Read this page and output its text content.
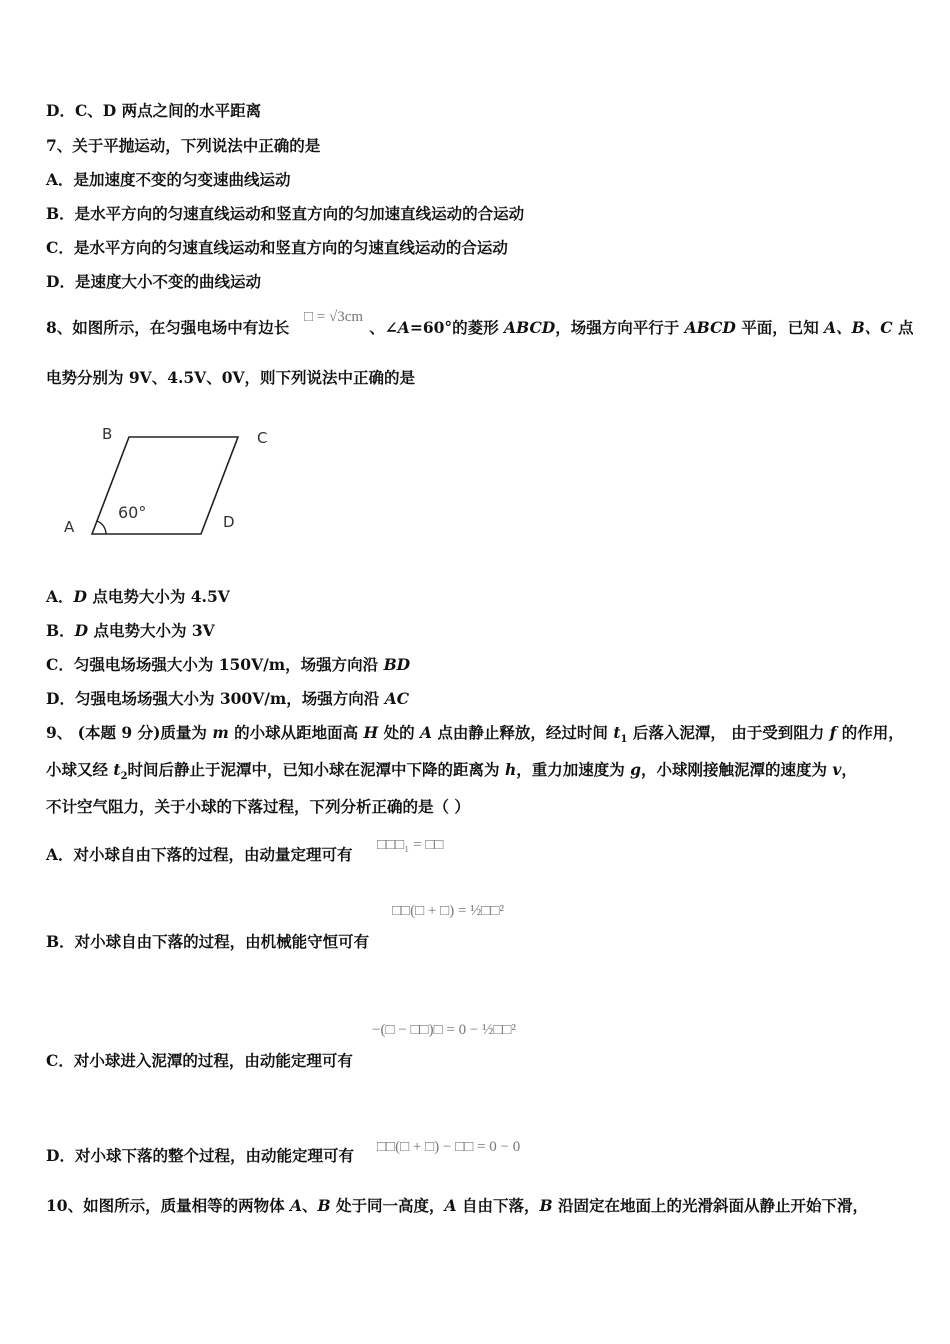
D．C、D 两点之间的水平距离
7、关于平抛运动，下列说法中正确的是
A．是加速度不变的匀变速曲线运动
B．是水平方向的匀速直线运动和竖直方向的匀加速直线运动的合运动
C．是水平方向的匀速直线运动和竖直方向的匀速直线运动的合运动
D．是速度大小不变的曲线运动
8、如图所示，在匀强电场中有边长	、∠A=60°的菱形 ABCD，场强方向平行于 ABCD 平面，已知 A、B、C 点
□ = √3cm
电势分别为 9V、4.5V、0V，则下列说法中正确的是
B	C
A	D
60°
A．D 点电势大小为 4.5V
B．D 点电势大小为 3V
C．匀强电场场强大小为 150V/m，场强方向沿 BD
D．匀强电场场强大小为 300V/m，场强方向沿 AC
9、 (本题 9 分)质量为 m 的小球从距地面高 H 处的 A 点由静止释放，经过时间 $t_1$ 后落入泥潭， 由于受到阻力 f 的作用，
小球又经 $t_2$时间后静止于泥潭中，已知小球在泥潭中下降的距离为 h，重力加速度为 g，小球刚接触泥潭的速度为 v，
不计空气阻力，关于小球的下落过程，下列分析正确的是（ ）
A．对小球自由下落的过程，由动量定理可有 □□□₁ = □□
□□(□ + □) = ½□□²
B．对小球自由下落的过程，由机械能守恒可有
−(□ − □□)□ = 0 − ½□□²
C．对小球进入泥潭的过程，由动能定理可有
D．对小球下落的整个过程，由动能定理可有 □□(□ + □) − □□ = 0 − 0
10、如图所示，质量相等的两物体 A、B 处于同一高度，A 自由下落，B 沿固定在地面上的光滑斜面从静止开始下滑，
